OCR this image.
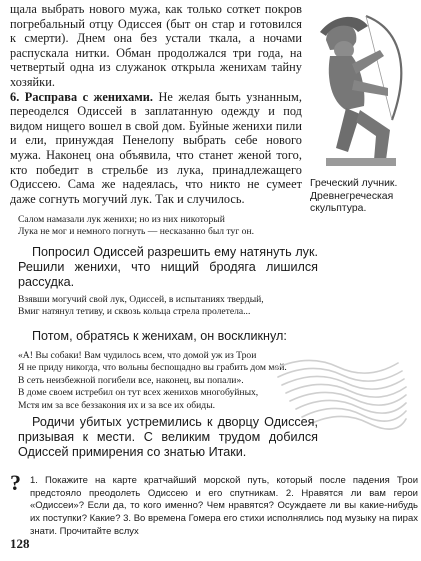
щала выбрать нового мужа, как только соткет покров погребальный отцу Одиссея (быт он стар и готовился к смерти). Днем она без устали ткала, а ночами распускала нитки. Обман продолжался три года, на четвертый одна из служанок открыла женихам тайну хозяйки.

6. Расправа с женихами. Не желая быть узнанным, переоделся Одиссей в заплатанную одежду и под видом нищего вошел в свой дом. Буйные женихи пили и ели, принуждая Пенелопу выбрать себе нового мужа. Наконец она объявила, что станет женой того, кто победит в стрельбе из лука, принадлежащего Одиссею. Сама же надеялась, что никто не сумеет даже согнуть могучий лук. Так и случилось.

Греческий лучник. Древнегреческая скульптура.
Салом намазали лук женихи; но из них никоторый
Лука не мог и немного погнуть — несказанно был туг он.

Попросил Одиссей разрешить ему натянуть лук. Решили женихи, что нищий бродяга лишился рассудка.

Взявши могучий свой лук, Одиссей, в испытаниях твердый,
Вмиг натянул тетиву, и сквозь кольца стрела пролетела...

Потом, обратясь к женихам, он воскликнул:

«А! Вы собаки! Вам чудилось всем, что домой уж из Трои
Я не приду никогда, что вольны беспощадно вы грабить дом мой.
В сеть неизбежной погибели все, наконец, вы попали».
В доме своем истребил он тут всех женихов многобуйных,
Мстя им за все беззакония их и за все их обиды.

Родичи убитых устремились к дворцу Одиссея, призывая к мести. С великим трудом добился Одиссей примирения со знатью Итаки.

? 1. Покажите на карте кратчайший морской путь, который после падения Трои предстояло преодолеть Одиссею и его спутникам. 2. Нравятся ли вам герои «Одиссеи»? Если да, то кого именно? Чем нравятся? Осуждаете ли вы какие-нибудь их поступки? Какие? 3. Во времена Гомера его стихи исполнялись под музыку на пирах знати. Прочитайте вслух
128
